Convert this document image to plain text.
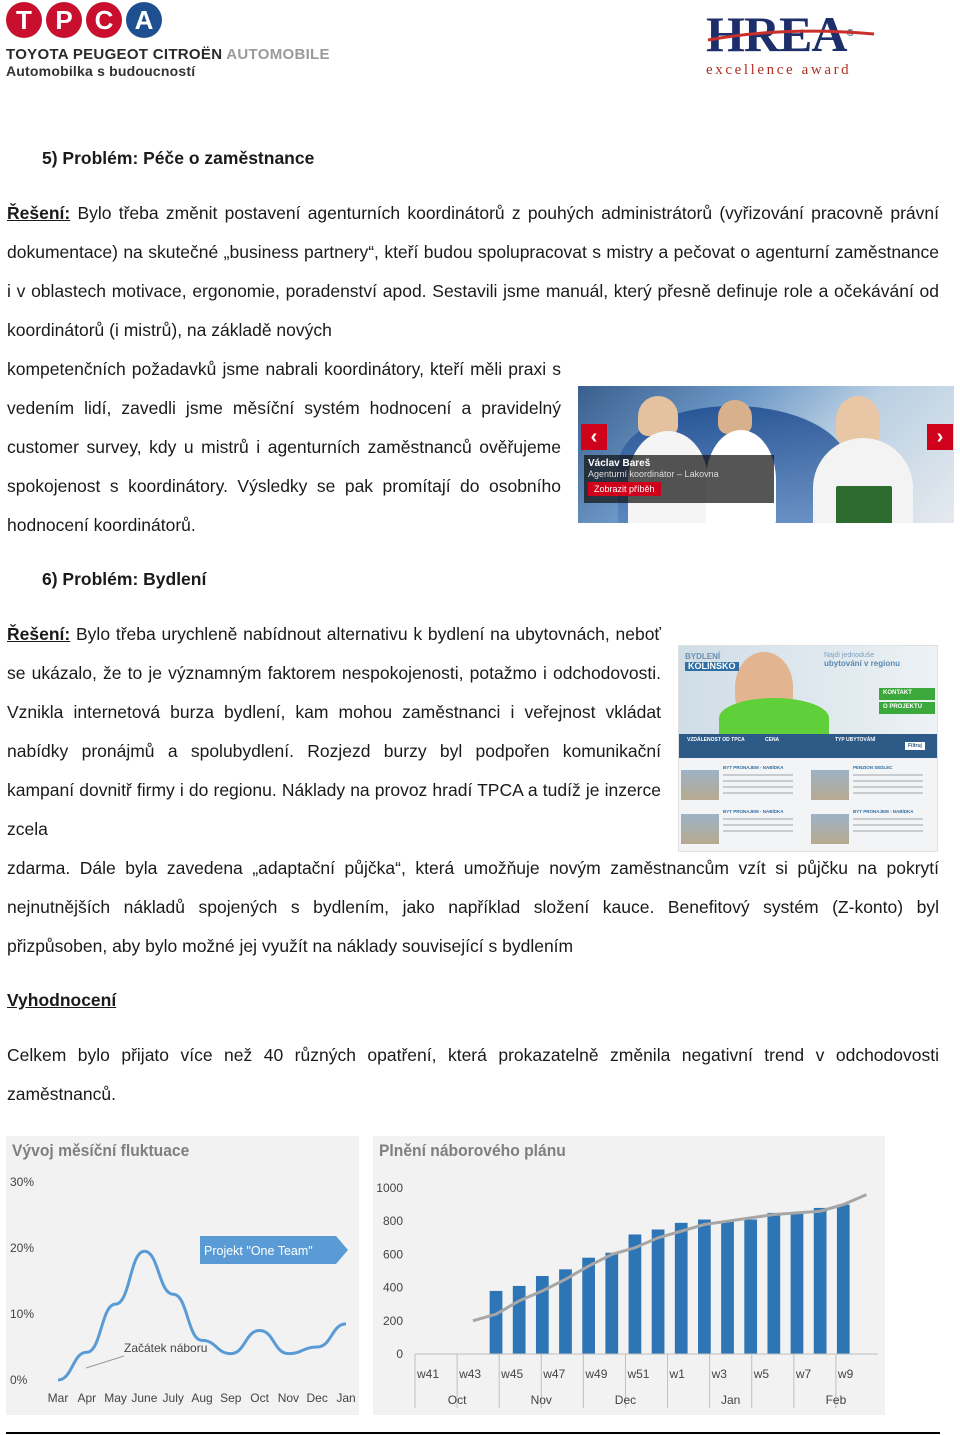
T P C A
TOYOTA PEUGEOT CITROËN AUTOMOBILE
Automobilka s budoucností
HREA®
excellence award
5) Problém: Péče o zaměstnance
Řešení: Bylo třeba změnit postavení agenturních koordinátorů z pouhých administrátorů (vyřizování pracovně právní dokumentace) na skutečné „business partnery“, kteří budou spolupracovat s mistry a pečovat o agenturní zaměstnance i v oblastech motivace, ergonomie, poradenství apod. Sestavili jsme manuál, který přesně definuje role a očekávání od koordinátorů (i mistrů), na základě nových
kompetenčních požadavků jsme nabrali koordinátory, kteří měli praxi s vedením lidí, zavedli jsme měsíční systém hodnocení a pravidelný customer survey, kdy u mistrů i agenturních zaměstnanců ověřujeme spokojenost s koordinátory. Výsledky se pak promítají do osobního hodnocení koordinátorů.
‹	›
Václav Bareš
Agenturní koordinátor – Lakovna
Zobrazit příběh
6) Problém: Bydlení
Řešení: Bylo třeba urychleně nabídnout alternativu k bydlení na ubytovnách, neboť se ukázalo, že to je významným faktorem nespokojenosti, potažmo i odchodovosti. Vznikla internetová burza bydlení, kam mohou zaměstnanci i veřejnost vkládat nabídky pronájmů a spolubydlení. Rozjezd burzy byl podpořen komunikační kampaní dovnitř firmy i do regionu. Náklady na provoz hradí TPCA a tudíž je inzerce zcela
zdarma. Dále byla zavedena „adaptační půjčka“, která umožňuje novým zaměstnancům vzít si půjčku na pokrytí nejnutnějších nákladů spojených s bydlením, jako například složení kauce. Benefitový systém (Z-konto) byl přizpůsoben, aby bylo možné jej využít na náklady související s bydlením
BYDLENÍ
KOLÍNSKO
Najdi jednoduše
ubytování v regionu
KONTAKT
O PROJEKTU
VZDÁLENOST OD TPCA	CENA	TYP UBYTOVÁNÍ
Filtruj
BYT PRONAJEM - NABÍDKA	PENZION SEDLEC
BYT PRONAJEM - NABÍDKA	BYT PRONAJEM - NABÍDKA
Vyhodnocení
Celkem bylo přijato více než 40 různých opatření, která prokazatelně změnila negativní trend v odchodovosti zaměstnanců.
Vývoj měsíční fluktuace
0%
10%
20%
30%
Mar Apr May June July Aug Sep Oct Nov Dec Jan
Projekt "One Team"
Začátek náboru
Plnění náborového plánu
0
200
400
600
800
1000
w41 w43 w45 w47 w49 w51 w1 w3 w5 w7 w9
Oct	Nov	Dec	Jan	Feb
